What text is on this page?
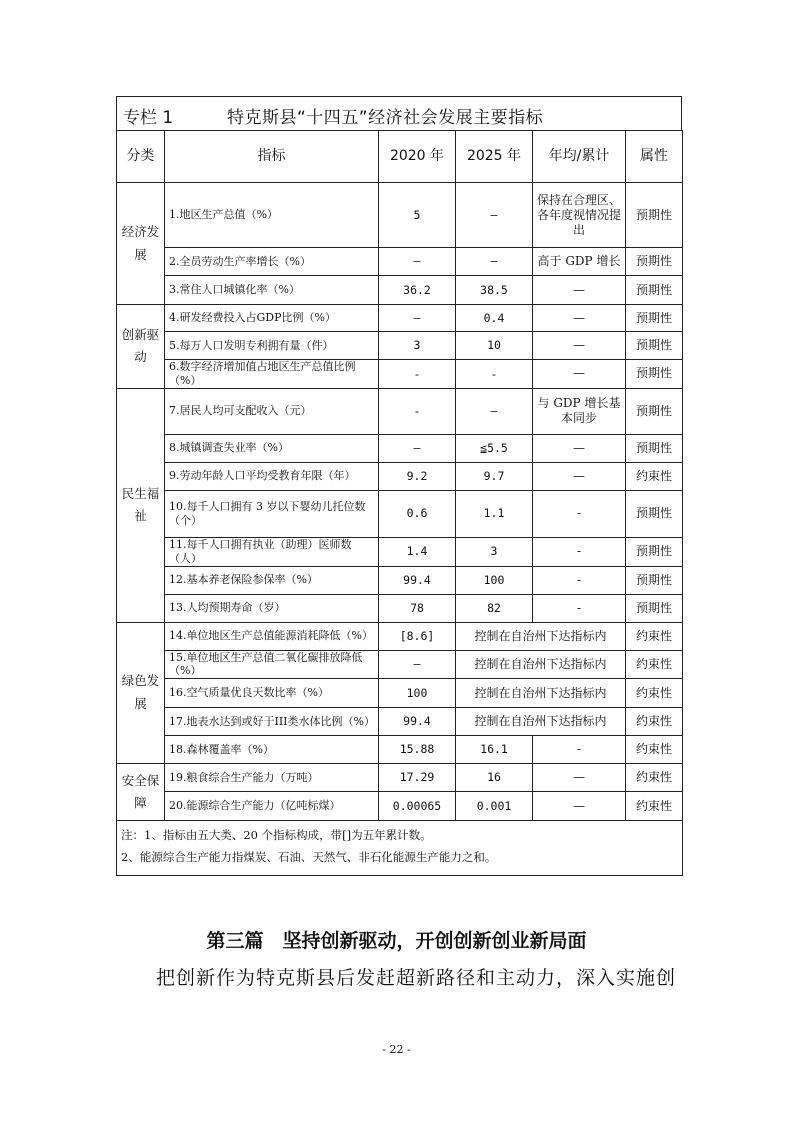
专栏 1	特克斯县“十四五”经济社会发展主要指标
分类	指标	2020 年	2025 年	年均/累计	属性
经济发展	1.地区生产总值（%）	5	—	保持在合理区、各年度视情况提出	预期性
	2.全员劳动生产率增长（%）	—	—	高于 GDP 增长	预期性
	3.常住人口城镇化率（%）	36.2	38.5	—	预期性
创新驱动	4.研发经费投入占GDP比例（%）	—	0.4	—	预期性
	5.每万人口发明专利拥有量（件）	3	10	—	预期性
	6.数字经济增加值占地区生产总值比例（%）	-	-	—	预期性
民生福祉	7.居民人均可支配收入（元）	-	—	与 GDP 增长基本同步	预期性
	8.城镇调查失业率（%）	—	≦5.5	—	预期性
	9.劳动年龄人口平均受教育年限（年）	9.2	9.7	—	约束性
	10.每千人口拥有 3 岁以下婴幼儿托位数（个）	0.6	1.1	-	预期性
	11.每千人口拥有执业（助理）医师数（人）	1.4	3	-	预期性
	12.基本养老保险参保率（%）	99.4	100	-	预期性
	13.人均预期寿命（岁）	78	82	-	预期性
绿色发展	14.单位地区生产总值能源消耗降低（%）	[8.6]	控制在自治州下达指标内		约束性
	15.单位地区生产总值二氧化碳排放降低（%）	—	控制在自治州下达指标内		约束性
	16.空气质量优良天数比率（%）	100	控制在自治州下达指标内		约束性
	17.地表水达到或好于III类水体比例（%）	99.4	控制在自治州下达指标内		约束性
	18.森林覆盖率（%）	15.88	16.1	-	约束性
安全保障	19.粮食综合生产能力（万吨）	17.29	16	—	约束性
	20.能源综合生产能力（亿吨标煤）	0.00065	0.001	—	约束性

注：1、指标由五大类、20 个指标构成，带[]为五年累计数。
2、能源综合生产能力指煤炭、石油、天然气、非石化能源生产能力之和。					
第三篇　坚持创新驱动，开创创新创业新局面
把创新作为特克斯县后发赶超新路径和主动力，深入实施创
- 22 -
